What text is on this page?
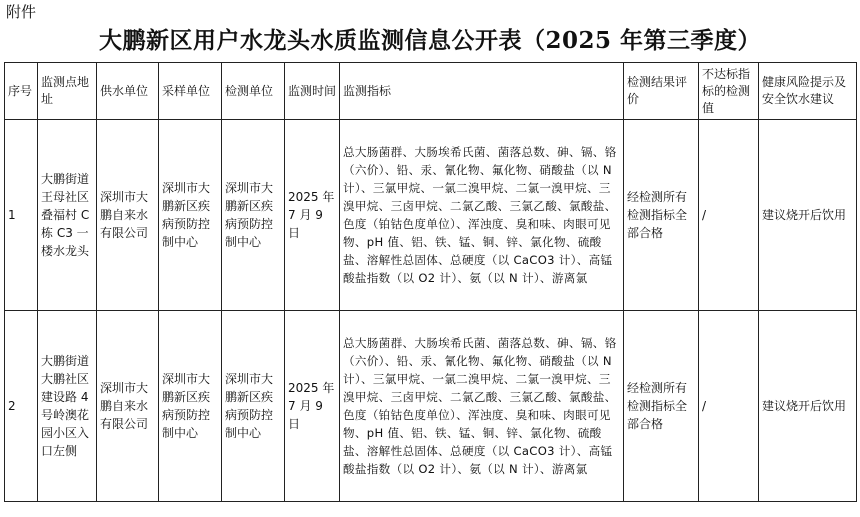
附件
大鹏新区用户水龙头水质监测信息公开表（2025 年第三季度）
序号	监测点地址	供水单位	采样单位	检测单位	监测时间	监测指标	检测结果评价	不达标指标的检测值	健康风险提示及安全饮水建议
1	大鹏街道王母社区叠福村 C 栋 C3 一楼水龙头	深圳市大鹏自来水有限公司	深圳市大鹏新区疾病预防控制中心	深圳市大鹏新区疾病预防控制中心	2025 年7 月 9 日	总大肠菌群、大肠埃希氏菌、菌落总数、砷、镉、铬（六价）、铅、汞、氰化物、氟化物、硝酸盐（以 N 计）、三氯甲烷、一氯二溴甲烷、二氯一溴甲烷、三溴甲烷、三卤甲烷、二氯乙酸、三氯乙酸、氯酸盐、色度（铂钴色度单位）、浑浊度、臭和味、肉眼可见物、pH 值、铝、铁、锰、铜、锌、氯化物、硫酸盐、溶解性总固体、总硬度（以 CaCO3 计）、高锰酸盐指数（以 O2 计）、氨（以 N 计）、游离氯	经检测所有检测指标全部合格	/	建议烧开后饮用
2	大鹏街道大鹏社区建设路 4 号岭澳花园小区入口左侧	深圳市大鹏自来水有限公司	深圳市大鹏新区疾病预防控制中心	深圳市大鹏新区疾病预防控制中心	2025 年7 月 9 日	总大肠菌群、大肠埃希氏菌、菌落总数、砷、镉、铬（六价）、铅、汞、氰化物、氟化物、硝酸盐（以 N 计）、三氯甲烷、一氯二溴甲烷、二氯一溴甲烷、三溴甲烷、三卤甲烷、二氯乙酸、三氯乙酸、氯酸盐、色度（铂钴色度单位）、浑浊度、臭和味、肉眼可见物、pH 值、铝、铁、锰、铜、锌、氯化物、硫酸盐、溶解性总固体、总硬度（以 CaCO3 计）、高锰酸盐指数（以 O2 计）、氨（以 N 计）、游离氯	经检测所有检测指标全部合格	/	建议烧开后饮用
